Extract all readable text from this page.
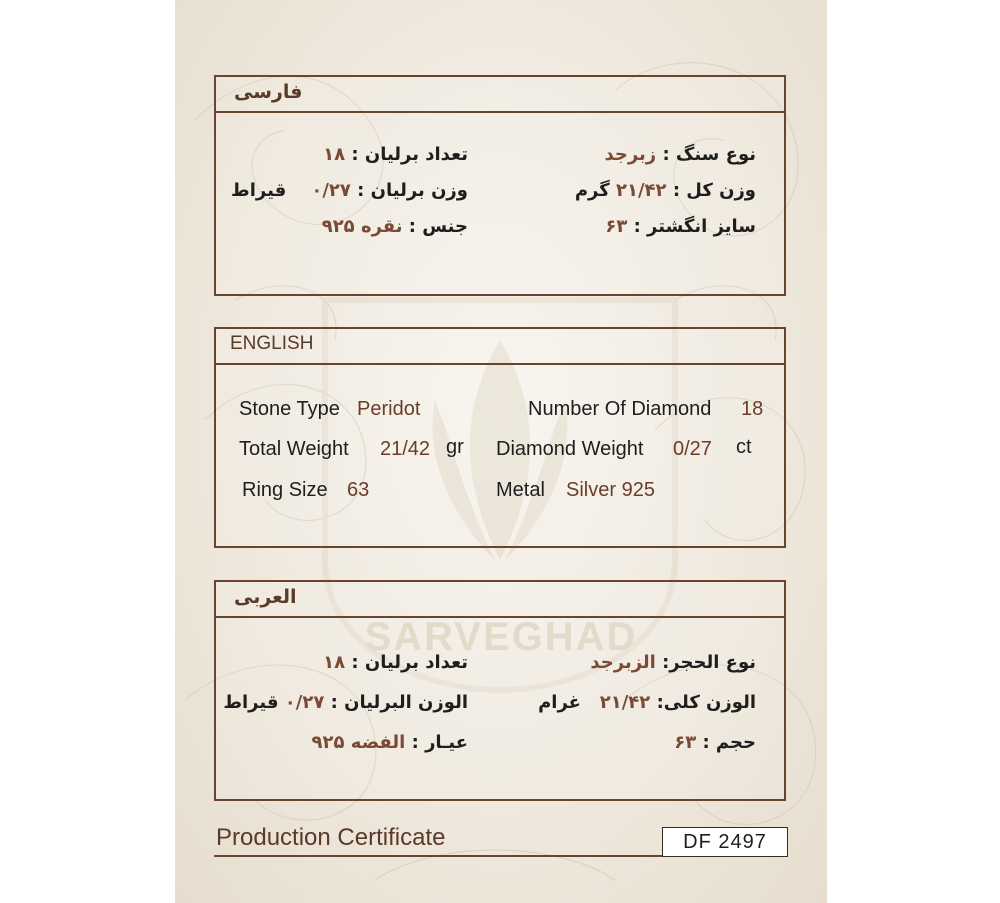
SARVEGHAD
فارسی
نوع سنگ : زبرجد
تعداد برلیان : ۱۸
وزن کل : ۲۱/۴۲ گرم
وزن برلیان : ۰/۲۷    قیراط
سایز انگشتر : ۶۳
جنس : نقره ۹۲۵
ENGLISH
Stone Type Peridot	Number Of Diamond 18
Total Weight 21/42 gr Diamond Weight 0/27 ct
Ring Size 63	Metal Silver 925
العربی
نوع الحجر: الزبرجد
تعداد برلیان : ۱۸
الوزن کلی: ۲۱/۴۲   غرام
الوزن البرلیان : ۰/۲۷ قیراط
حجم : ۶۳
عیـار : الفضه ۹۲۵
Production Certificate	DF 2497
